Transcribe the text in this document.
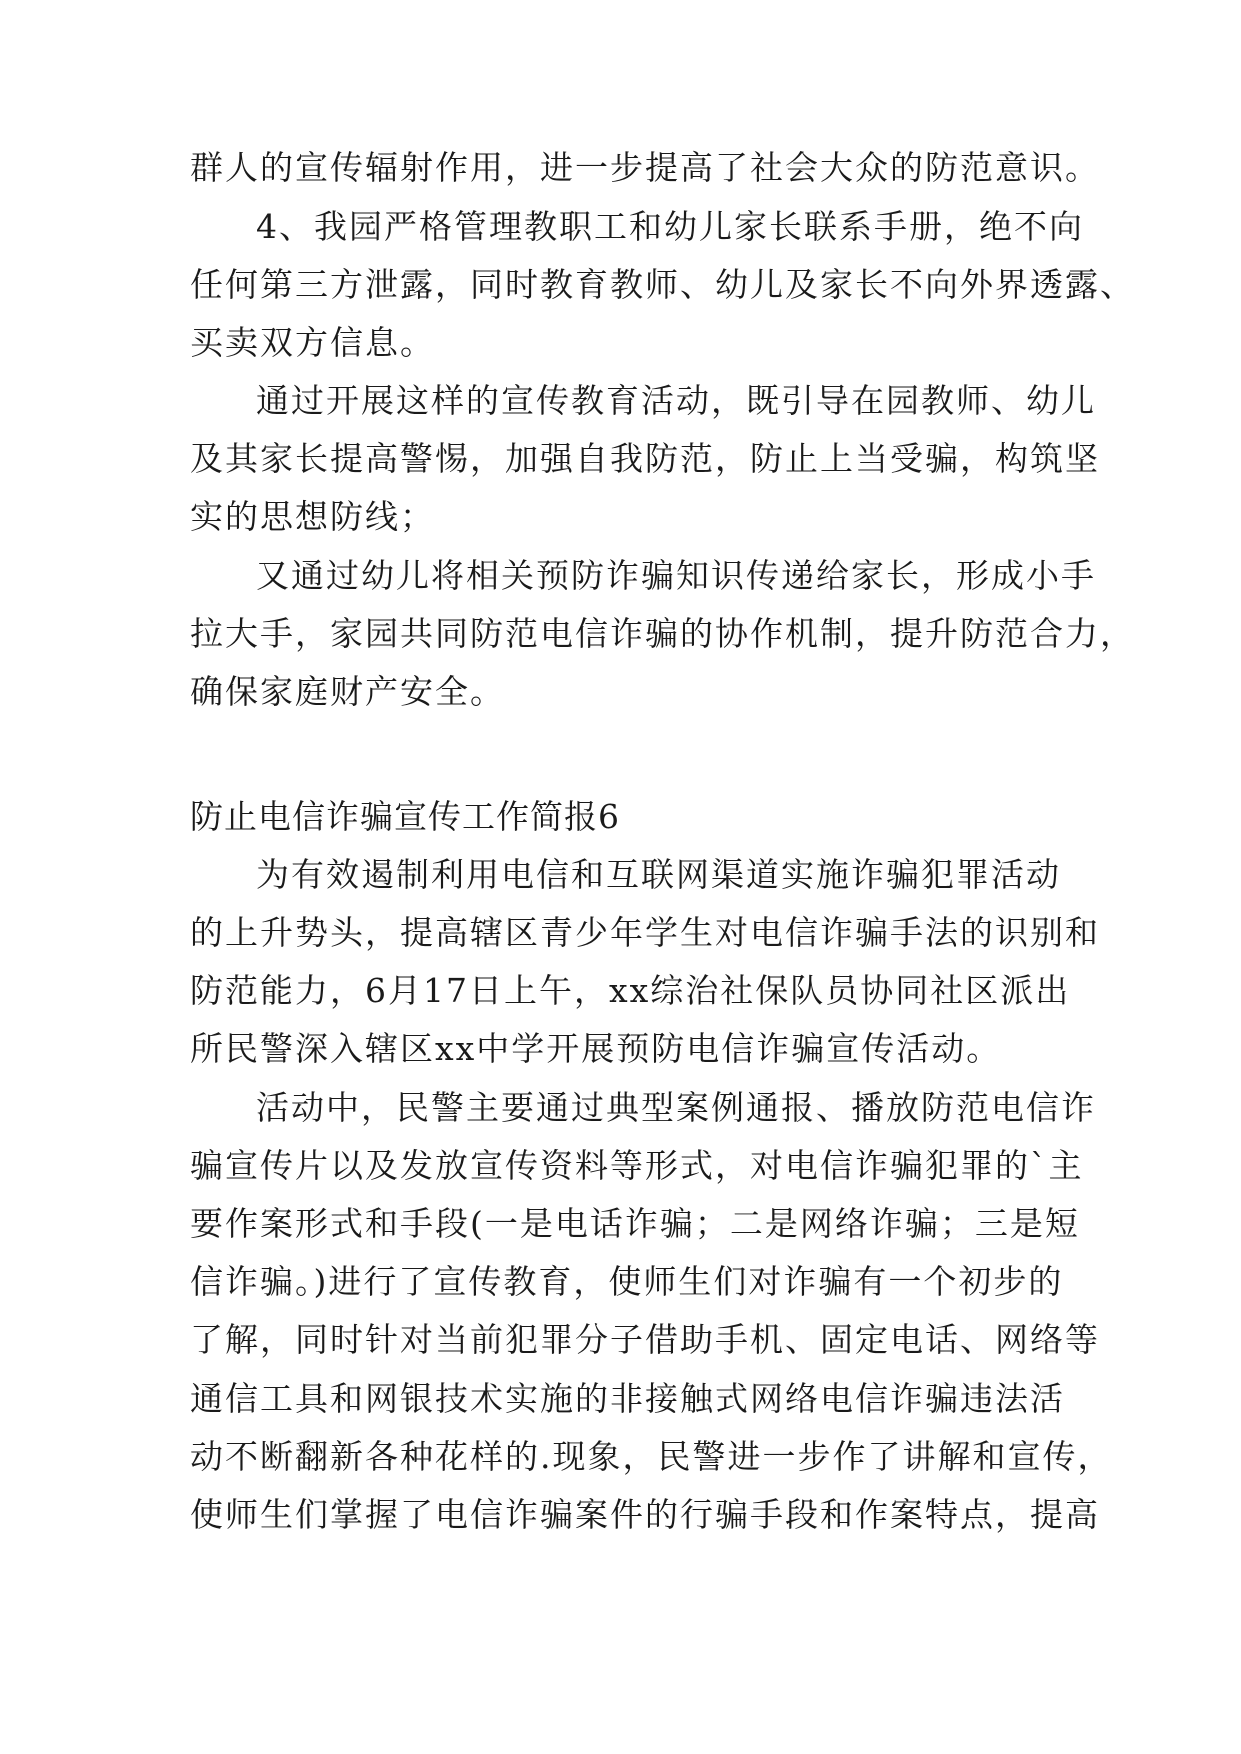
群人的宣传辐射作用，进一步提高了社会大众的防范意识。
4、我园严格管理教职工和幼儿家长联系手册，绝不向
任何第三方泄露，同时教育教师、幼儿及家长不向外界透露、
买卖双方信息。
通过开展这样的宣传教育活动，既引导在园教师、幼儿
及其家长提高警惕，加强自我防范，防止上当受骗，构筑坚
实的思想防线；
又通过幼儿将相关预防诈骗知识传递给家长，形成小手
拉大手，家园共同防范电信诈骗的协作机制，提升防范合力，
确保家庭财产安全。
防止电信诈骗宣传工作简报6
为有效遏制利用电信和互联网渠道实施诈骗犯罪活动
的上升势头，提高辖区青少年学生对电信诈骗手法的识别和
防范能力，6月17日上午，xx综治社保队员协同社区派出
所民警深入辖区xx中学开展预防电信诈骗宣传活动。
活动中，民警主要通过典型案例通报、播放防范电信诈
骗宣传片以及发放宣传资料等形式，对电信诈骗犯罪的`主
要作案形式和手段(一是电话诈骗；二是网络诈骗；三是短
信诈骗。)进行了宣传教育，使师生们对诈骗有一个初步的
了解，同时针对当前犯罪分子借助手机、固定电话、网络等
通信工具和网银技术实施的非接触式网络电信诈骗违法活
动不断翻新各种花样的.现象，民警进一步作了讲解和宣传，
使师生们掌握了电信诈骗案件的行骗手段和作案特点，提高
